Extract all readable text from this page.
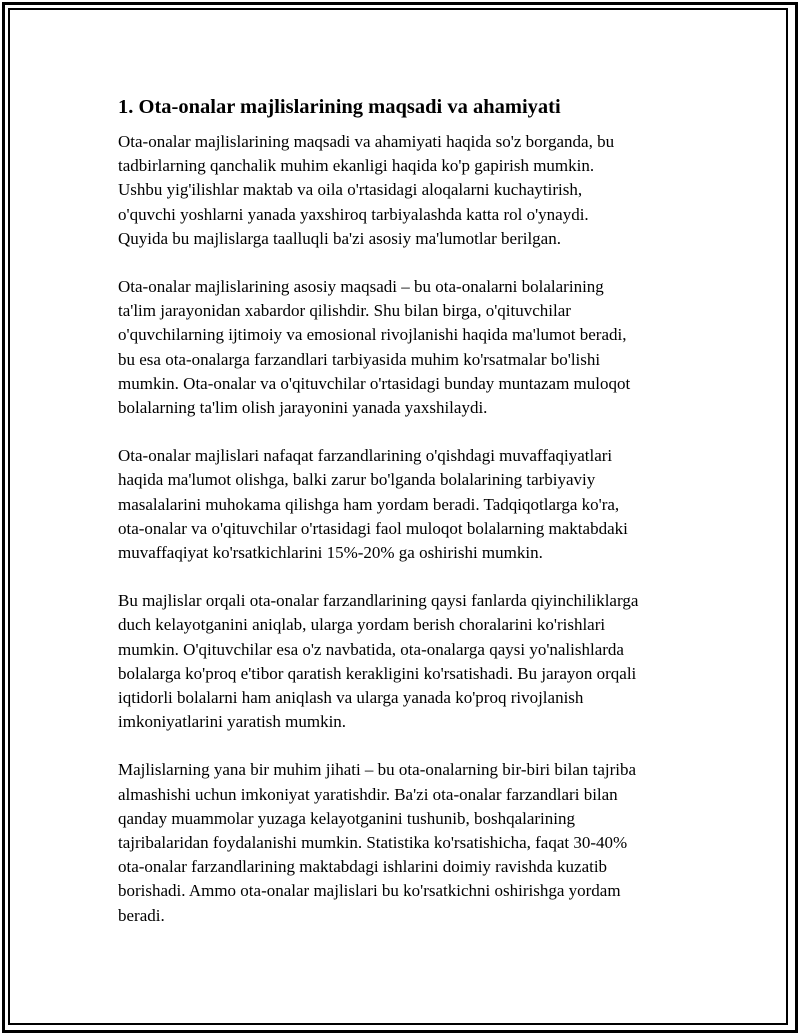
1. Ota-onalar majlislarining maqsadi va ahamiyati

Ota-onalar majlislarining maqsadi va ahamiyati haqida so'z borganda, bu
tadbirlarning qanchalik muhim ekanligi haqida ko'p gapirish mumkin.
Ushbu yig'ilishlar maktab va oila o'rtasidagi aloqalarni kuchaytirish,
o'quvchi yoshlarni yanada yaxshiroq tarbiyalashda katta rol o'ynaydi.
Quyida bu majlislarga taalluqli ba'zi asosiy ma'lumotlar berilgan.

Ota-onalar majlislarining asosiy maqsadi – bu ota-onalarni bolalarining
ta'lim jarayonidan xabardor qilishdir. Shu bilan birga, o'qituvchilar
o'quvchilarning ijtimoiy va emosional rivojlanishi haqida ma'lumot beradi,
bu esa ota-onalarga farzandlari tarbiyasida muhim ko'rsatmalar bo'lishi
mumkin. Ota-onalar va o'qituvchilar o'rtasidagi bunday muntazam muloqot
bolalarning ta'lim olish jarayonini yanada yaxshilaydi.

Ota-onalar majlislari nafaqat farzandlarining o'qishdagi muvaffaqiyatlari
haqida ma'lumot olishga, balki zarur bo'lganda bolalarining tarbiyaviy
masalalarini muhokama qilishga ham yordam beradi. Tadqiqotlarga ko'ra,
ota-onalar va o'qituvchilar o'rtasidagi faol muloqot bolalarning maktabdaki
muvaffaqiyat ko'rsatkichlarini 15%-20% ga oshirishi mumkin.

Bu majlislar orqali ota-onalar farzandlarining qaysi fanlarda qiyinchiliklarga
duch kelayotganini aniqlab, ularga yordam berish choralarini ko'rishlari
mumkin. O'qituvchilar esa o'z navbatida, ota-onalarga qaysi yo'nalishlarda
bolalarga ko'proq e'tibor qaratish kerakligini ko'rsatishadi. Bu jarayon orqali
iqtidorli bolalarni ham aniqlash va ularga yanada ko'proq rivojlanish
imkoniyatlarini yaratish mumkin.

Majlislarning yana bir muhim jihati – bu ota-onalarning bir-biri bilan tajriba
almashishi uchun imkoniyat yaratishdir. Ba'zi ota-onalar farzandlari bilan
qanday muammolar yuzaga kelayotganini tushunib, boshqalarining
tajribalaridan foydalanishi mumkin. Statistika ko'rsatishicha, faqat 30-40%
ota-onalar farzandlarining maktabdagi ishlarini doimiy ravishda kuzatib
borishadi. Ammo ota-onalar majlislari bu ko'rsatkichni oshirishga yordam
beradi.
